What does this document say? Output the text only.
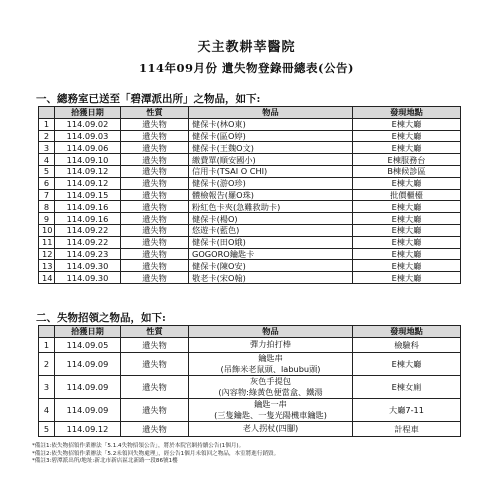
天主教耕莘醫院
114年09月份 遺失物登錄冊總表(公告)
一、總務室已送至「碧潭派出所」之物品，如下:
	拾獲日期	性質	物品	發現地點
1	114.09.02	遺失物	健保卡(林O東)	E棟大廳
2	114.09.03	遺失物	健保卡(區O婷)	E棟大廳
3	114.09.06	遺失物	健保卡(王魏O文)	E棟大廳
4	114.09.10	遺失物	繳費單(順安國小)	E棟服務台
5	114.09.12	遺失物	信用卡(TSAI O CHI)	B棟候診區
6	114.09.12	遺失物	健保卡(游O珍)	E棟大廳
7	114.09.15	遺失物	體檢報告(羅O珠)	批價櫃檯
8	114.09.16	遺失物	粉紅色卡夾(急難救助卡)	E棟大廳
9	114.09.16	遺失物	健保卡(楊O)	E棟大廳
10	114.09.22	遺失物	悠遊卡(藍色)	E棟大廳
11	114.09.22	遺失物	健保卡(田O娥)	E棟大廳
12	114.09.23	遺失物	GOGORO鑰匙卡	E棟大廳
13	114.09.30	遺失物	健保卡(陳O安)	E棟大廳
14	114.09.30	遺失物	敬老卡(宋O翰)	E棟大廳
二、失物招領之物品，如下:
	拾獲日期	性質	物品	發現地點
1	114.09.05	遺失物	彈力拍打棒	檢驗科
2	114.09.09	遺失物	鑰匙串
(吊飾米老鼠頭、labubu頭)	E棟大廳
3	114.09.09	遺失物	灰色手提包
(內容物:綠黃色便當盒、鐵湯	E棟女廁
4	114.09.09	遺失物	鑰匙一串
(三隻鑰匙、一隻光陽機車鑰匙)	大廳7-11
5	114.09.12	遺失物	老人拐杖(四腳)	計程車
*備註1:依失物招領作業辦法「5.1.4失物招領公告」，將於本院官網持續公告(1個月)。
*備註2:依失物招領作業辦法「5.2未領回失物處理」，經公告1個月未領回之物品，本室將進行銷毀。
*備註3:碧潭派出所/地址:新北市新店區北新路一段86號1樓
